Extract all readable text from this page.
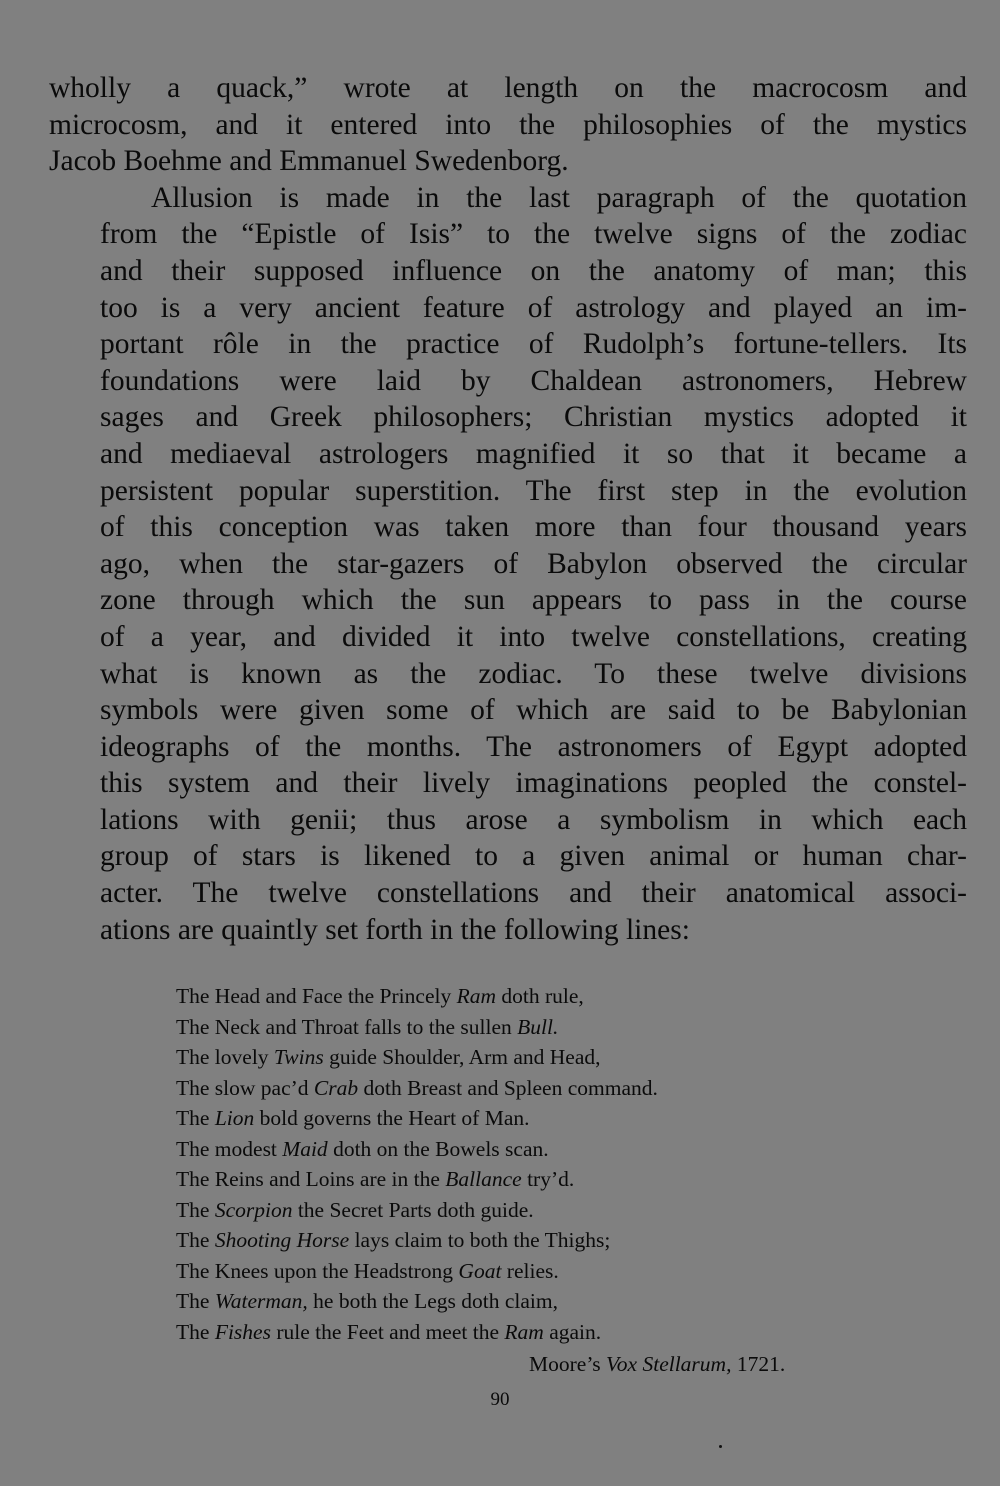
wholly a quack,” wrote at length on the macrocosm and
microcosm, and it entered into the philosophies of the mystics
Jacob Boehme and Emmanuel Swedenborg.

Allusion is made in the last paragraph of the quotation
from the “Epistle of Isis” to the twelve signs of the zodiac
and their supposed influence on the anatomy of man; this
too is a very ancient feature of astrology and played an im-
portant rôle in the practice of Rudolph’s fortune-tellers. Its
foundations were laid by Chaldean astronomers, Hebrew
sages and Greek philosophers; Christian mystics adopted it
and mediaeval astrologers magnified it so that it became a
persistent popular superstition. The first step in the evolution
of this conception was taken more than four thousand years
ago, when the star-gazers of Babylon observed the circular
zone through which the sun appears to pass in the course
of a year, and divided it into twelve constellations, creating
what is known as the zodiac. To these twelve divisions
symbols were given some of which are said to be Babylonian
ideographs of the months. The astronomers of Egypt adopted
this system and their lively imaginations peopled the constel-
lations with genii; thus arose a symbolism in which each
group of stars is likened to a given animal or human char-
acter. The twelve constellations and their anatomical associ-
ations are quaintly set forth in the following lines:

The Head and Face the Princely Ram doth rule,
The Neck and Throat falls to the sullen Bull.
The lovely Twins guide Shoulder, Arm and Head,
The slow pac’d Crab doth Breast and Spleen command.
The Lion bold governs the Heart of Man.
The modest Maid doth on the Bowels scan.
The Reins and Loins are in the Ballance try’d.
The Scorpion the Secret Parts doth guide.
The Shooting Horse lays claim to both the Thighs;
The Knees upon the Headstrong Goat relies.
The Waterman, he both the Legs doth claim,
The Fishes rule the Feet and meet the Ram again.
Moore’s Vox Stellarum, 1721.
90
